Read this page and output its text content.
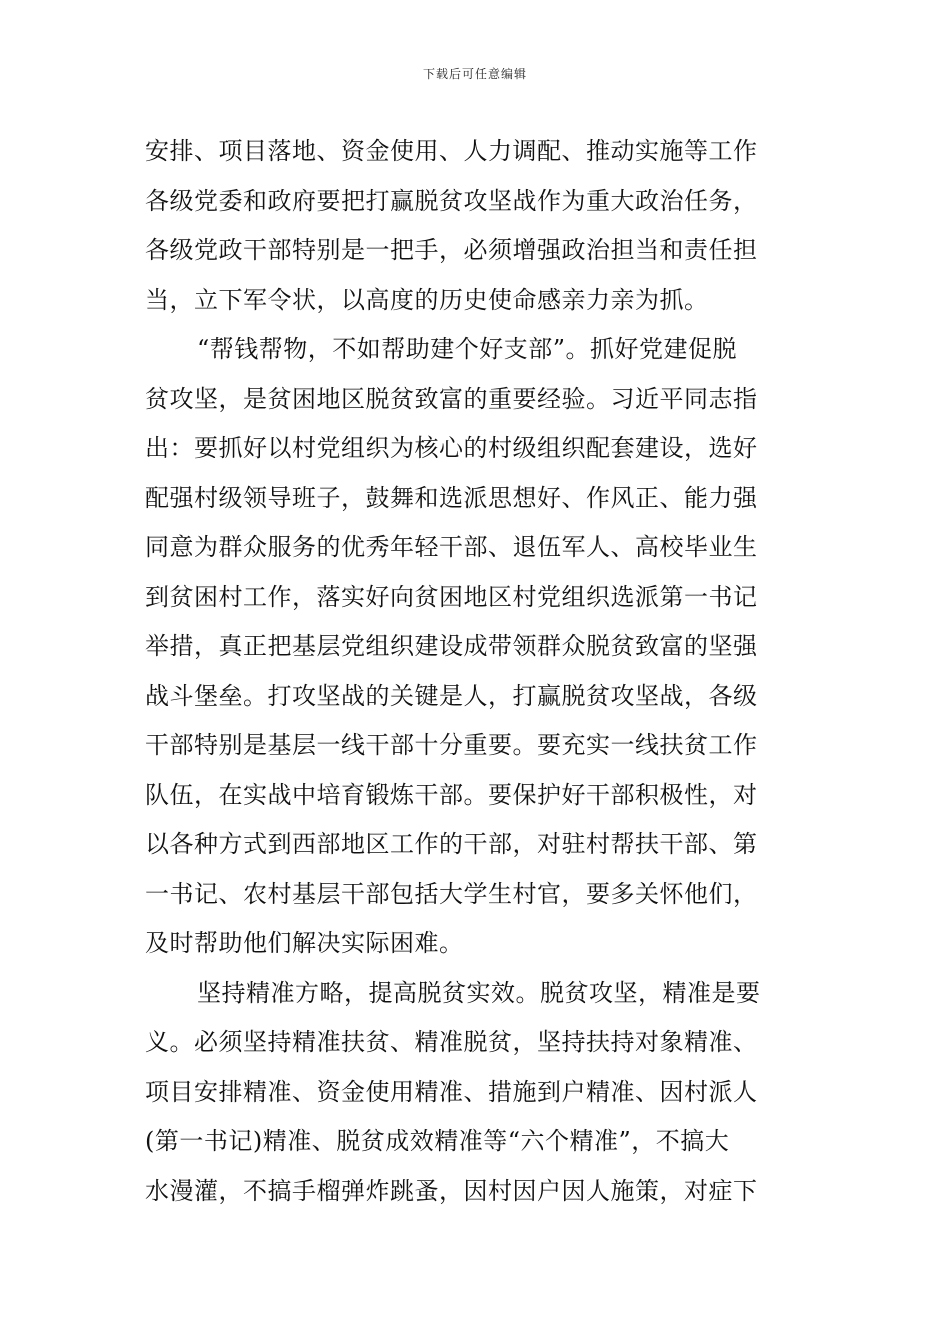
下载后可任意编辑
安排、项目落地、资金使用、人力调配、推动实施等工作
各级党委和政府要把打赢脱贫攻坚战作为重大政治任务，
各级党政干部特别是一把手，必须增强政治担当和责任担
当，立下军令状，以高度的历史使命感亲力亲为抓。
“帮钱帮物，不如帮助建个好支部”。抓好党建促脱
贫攻坚，是贫困地区脱贫致富的重要经验。习近平同志指
出：要抓好以村党组织为核心的村级组织配套建设，选好
配强村级领导班子，鼓舞和选派思想好、作风正、能力强
同意为群众服务的优秀年轻干部、退伍军人、高校毕业生
到贫困村工作，落实好向贫困地区村党组织选派第一书记
举措，真正把基层党组织建设成带领群众脱贫致富的坚强
战斗堡垒。打攻坚战的关键是人，打赢脱贫攻坚战，各级
干部特别是基层一线干部十分重要。要充实一线扶贫工作
队伍，在实战中培育锻炼干部。要保护好干部积极性，对
以各种方式到西部地区工作的干部，对驻村帮扶干部、第
一书记、农村基层干部包括大学生村官，要多关怀他们，
及时帮助他们解决实际困难。
坚持精准方略，提高脱贫实效。脱贫攻坚，精准是要
义。必须坚持精准扶贫、精准脱贫，坚持扶持对象精准、
项目安排精准、资金使用精准、措施到户精准、因村派人
(第一书记)精准、脱贫成效精准等“六个精准”，不搞大
水漫灌，不搞手榴弹炸跳蚤，因村因户因人施策，对症下
